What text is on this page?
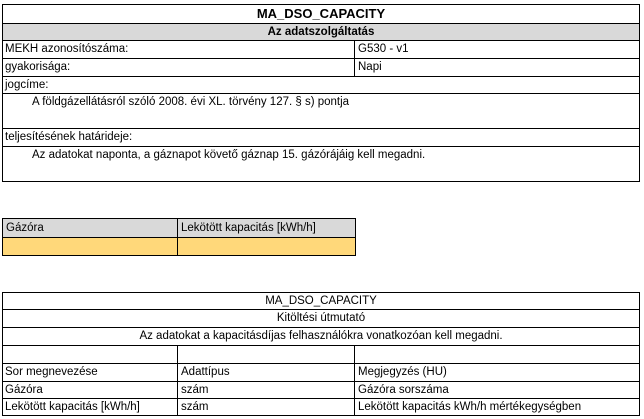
MA_DSO_CAPACITY
Az adatszolgáltatás
MEKH azonosítószáma:	G530 - v1
gyakorisága:	Napi
jogcíme:
A földgázellátásról szóló 2008. évi XL. törvény 127. § s) pontja
teljesítésének határideje:
Az adatokat naponta, a gáznapot követő gáznap 15. gázórájáig kell megadni.
Gázóra	Lekötött kapacitás [kWh/h]
MA_DSO_CAPACITY
Kitöltési útmutató
Az adatokat a kapacitásdíjas felhasználókra vonatkozóan kell megadni.
Sor megnevezése	Adattípus	Megjegyzés (HU)
Gázóra	szám	Gázóra sorszáma
Lekötött kapacitás [kWh/h]	szám	Lekötött kapacitás kWh/h mértékegységben
